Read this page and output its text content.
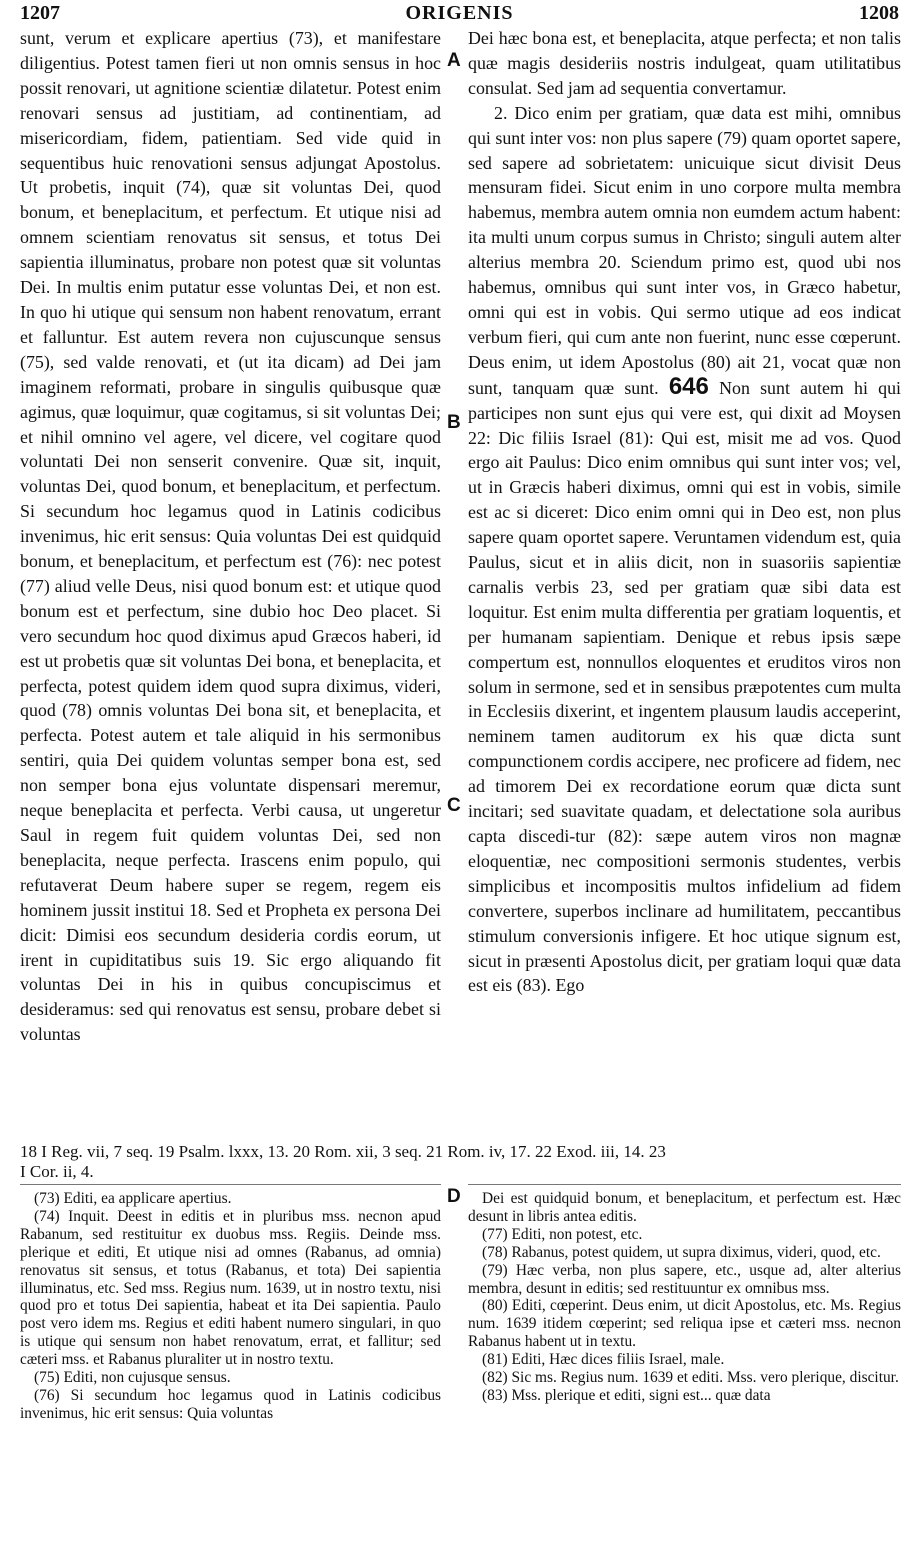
ORIGENIS
1207	1208

sunt, verum et explicare apertius (73), et manifestare diligentius. Potest tamen fieri ut non omnis sensus in hoc possit renovari, ut agnitione scientiæ dilatetur. Potest enim renovari sensus ad justitiam, ad continentiam, ad misericordiam, fidem, patientiam. Sed vide quid in sequentibus huic renovationi sensus adjungat Apostolus. Ut probetis, inquit (74), quæ sit voluntas Dei, quod bonum, et beneplacitum, et perfectum. Et utique nisi ad omnem scientiam renovatus sit sensus, et totus Dei sapientia illuminatus, probare non potest quæ sit voluntas Dei. In multis enim putatur esse voluntas Dei, et non est. In quo hi utique qui sensum non habent renovatum, errant et falluntur. Est autem revera non cujuscunque sensus (75), sed valde renovati, et (ut ita dicam) ad Dei jam imaginem reformati, probare in singulis quibusque quæ agimus, quæ loquimur, quæ cogitamus, si sit voluntas Dei; et nihil omnino vel agere, vel dicere, vel cogitare quod voluntati Dei non senserit convenire. Quæ sit, inquit, voluntas Dei, quod bonum, et beneplacitum, et perfectum. Si secundum hoc legamus quod in Latinis codicibus invenimus, hic erit sensus: Quia voluntas Dei est quidquid bonum, et beneplacitum, et perfectum est (76): nec potest (77) aliud velle Deus, nisi quod bonum est: et utique quod bonum est et perfectum, sine dubio hoc Deo placet. Si vero secundum hoc quod diximus apud Græcos haberi, id est ut probetis quæ sit voluntas Dei bona, et beneplacita, et perfecta, potest quidem idem quod supra diximus, videri, quod (78) omnis voluntas Dei bona sit, et beneplacita, et perfecta. Potest autem et tale aliquid in his sermonibus sentiri, quia Dei quidem voluntas semper bona est, sed non semper bona ejus voluntate dispensari meremur, neque beneplacita et perfecta. Verbi causa, ut ungeretur Saul in regem fuit quidem voluntas Dei, sed non beneplacita, neque perfecta. Irascens enim populo, qui refutaverat Deum habere super se regem, regem eis hominem jussit institui 18. Sed et Propheta ex persona Dei dicit: Dimisi eos secundum desideria cordis eorum, ut irent in cupiditatibus suis 19. Sic ergo aliquando fit voluntas Dei in his in quibus concupiscimus et desideramus: sed qui renovatus est sensu, probare debet si voluntas

A
B
C
D

Dei hæc bona est, et beneplacita, atque perfecta; et non talis quæ magis desideriis nostris indulgeat, quam utilitatibus consulat. Sed jam ad sequentia convertamur.

2. Dico enim per gratiam, quæ data est mihi, omnibus qui sunt inter vos: non plus sapere (79) quam oportet sapere, sed sapere ad sobrietatem: unicuique sicut divisit Deus mensuram fidei. Sicut enim in uno corpore multa membra habemus, membra autem omnia non eumdem actum habent: ita multi unum corpus sumus in Christo; singuli autem alter alterius membra 20. Sciendum primo est, quod ubi nos habemus, omnibus qui sunt inter vos, in Græco habetur, omni qui est in vobis. Qui sermo utique ad eos indicat verbum fieri, qui cum ante non fuerint, nunc esse cœperunt. Deus enim, ut idem Apostolus (80) ait 21, vocat quæ non sunt, tanquam quæ sunt. 646 Non sunt autem hi qui participes non sunt ejus qui vere est, qui dixit ad Moysen 22: Dic filiis Israel (81): Qui est, misit me ad vos. Quod ergo ait Paulus: Dico enim omnibus qui sunt inter vos; vel, ut in Græcis haberi diximus, omni qui est in vobis, simile est ac si diceret: Dico enim omni qui in Deo est, non plus sapere quam oportet sapere. Veruntamen videndum est, quia Paulus, sicut et in aliis dicit, non in suasoriis sapientiæ carnalis verbis 23, sed per gratiam quæ sibi data est loquitur. Est enim multa differentia per gratiam loquentis, et per humanam sapientiam. Denique et rebus ipsis sæpe compertum est, nonnullos eloquentes et eruditos viros non solum in sermone, sed et in sensibus præpotentes cum multa in Ecclesiis dixerint, et ingentem plausum laudis acceperint, neminem tamen auditorum ex his quæ dicta sunt compunctionem cordis accipere, nec proficere ad fidem, nec ad timorem Dei ex recordatione eorum quæ dicta sunt incitari; sed suavitate quadam, et delectatione sola auribus capta discedi-tur (82): sæpe autem viros non magnæ eloquentiæ, nec compositioni sermonis studentes, verbis simplicibus et incompositis multos infidelium ad fidem convertere, superbos inclinare ad humilitatem, peccantibus stimulum conversionis infigere. Et hoc utique signum est, sicut in præsenti Apostolus dicit, per gratiam loqui quæ data est eis (83). Ego

18 I Reg. vii, 7 seq. 19 Psalm. lxxx, 13. 20 Rom. xii, 3 seq. 21 Rom. iv, 17. 22 Exod. iii, 14. 23
I Cor. ii, 4.

(73) Editi, ea applicare apertius.

(74) Inquit. Deest in editis et in pluribus mss. necnon apud Rabanum, sed restituitur ex duobus mss. Regiis. Deinde mss. plerique et editi, Et utique nisi ad omnes (Rabanus, ad omnia) renovatus sit sensus, et totus (Rabanus, et tota) Dei sapientia illuminatus, etc. Sed mss. Regius num. 1639, ut in nostro textu, nisi quod pro et totus Dei sapientia, habeat et ita Dei sapientia. Paulo post vero idem ms. Regius et editi habent numero singulari, in quo is utique qui sensum non habet renovatum, errat, et fallitur; sed cæteri mss. et Rabanus pluraliter ut in nostro textu.

(75) Editi, non cujusque sensus.

(76) Si secundum hoc legamus quod in Latinis codicibus invenimus, hic erit sensus: Quia voluntas

Dei est quidquid bonum, et beneplacitum, et perfectum est. Hæc desunt in libris antea editis.

(77) Editi, non potest, etc.

(78) Rabanus, potest quidem, ut supra diximus, videri, quod, etc.

(79) Hæc verba, non plus sapere, etc., usque ad, alter alterius membra, desunt in editis; sed restituuntur ex omnibus mss.

(80) Editi, cœperint. Deus enim, ut dicit Apostolus, etc. Ms. Regius num. 1639 itidem cœperint; sed reliqua ipse et cæteri mss. necnon Rabanus habent ut in textu.

(81) Editi, Hæc dices filiis Israel, male.

(82) Sic ms. Regius num. 1639 et editi. Mss. vero plerique, discitur.

(83) Mss. plerique et editi, signi est... quæ data
